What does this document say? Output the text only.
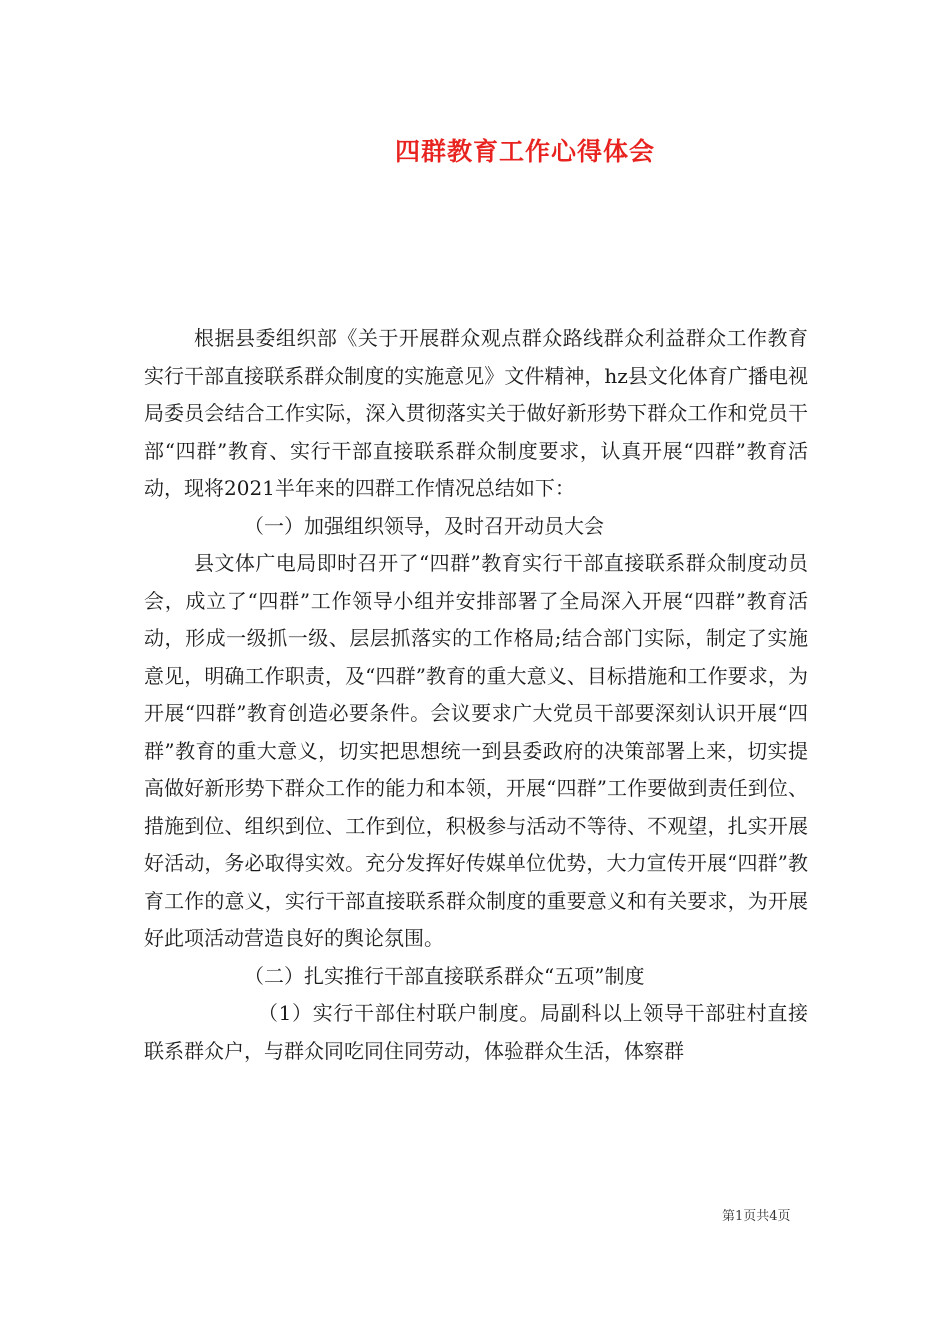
四群教育工作心得体会

根据县委组织部《关于开展群众观点群众路线群众利益群众工作教育实行干部直接联系群众制度的实施意见》文件精神，hz县文化体育广播电视局委员会结合工作实际，深入贯彻落实关于做好新形势下群众工作和党员干部“四群”教育、实行干部直接联系群众制度要求，认真开展“四群”教育活动，现将2021半年来的四群工作情况总结如下：

（一）加强组织领导，及时召开动员大会

县文体广电局即时召开了“四群”教育实行干部直接联系群众制度动员会，成立了“四群”工作领导小组并安排部署了全局深入开展“四群”教育活动，形成一级抓一级、层层抓落实的工作格局;结合部门实际，制定了实施意见，明确工作职责，及“四群”教育的重大意义、目标措施和工作要求，为开展“四群”教育创造必要条件。会议要求广大党员干部要深刻认识开展“四群”教育的重大意义，切实把思想统一到县委政府的决策部署上来，切实提高做好新形势下群众工作的能力和本领，开展“四群”工作要做到责任到位、措施到位、组织到位、工作到位，积极参与活动不等待、不观望，扎实开展好活动，务必取得实效。充分发挥好传媒单位优势，大力宣传开展“四群”教育工作的意义，实行干部直接联系群众制度的重要意义和有关要求，为开展好此项活动营造良好的舆论氛围。

（二）扎实推行干部直接联系群众“五项”制度

（1）实行干部住村联户制度。局副科以上领导干部驻村直接联系群众户，与群众同吃同住同劳动，体验群众生活，体察群

第1页共4页
